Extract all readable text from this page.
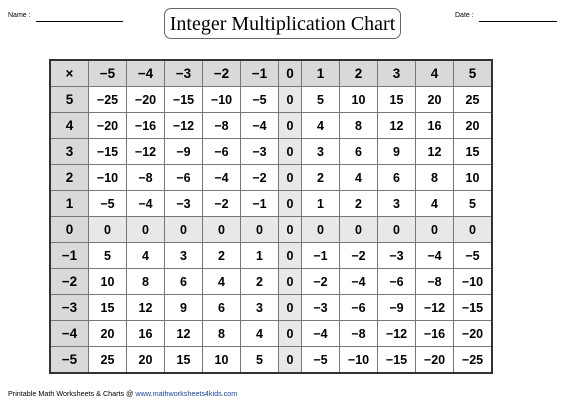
Name :	Date :
Integer Multiplication Chart
×	−5	−4	−3	−2	−1	0	1	2	3	4	5
5	−25	−20	−15	−10	−5	0	5	10	15	20	25
4	−20	−16	−12	−8	−4	0	4	8	12	16	20
3	−15	−12	−9	−6	−3	0	3	6	9	12	15
2	−10	−8	−6	−4	−2	0	2	4	6	8	10
1	−5	−4	−3	−2	−1	0	1	2	3	4	5
0	0	0	0	0	0	0	0	0	0	0	0
−1	5	4	3	2	1	0	−1	−2	−3	−4	−5
−2	10	8	6	4	2	0	−2	−4	−6	−8	−10
−3	15	12	9	6	3	0	−3	−6	−9	−12	−15
−4	20	16	12	8	4	0	−4	−8	−12	−16	−20
−5	25	20	15	10	5	0	−5	−10	−15	−20	−25
Printable Math Worksheets & Charts @ www.mathworksheets4kids.com
